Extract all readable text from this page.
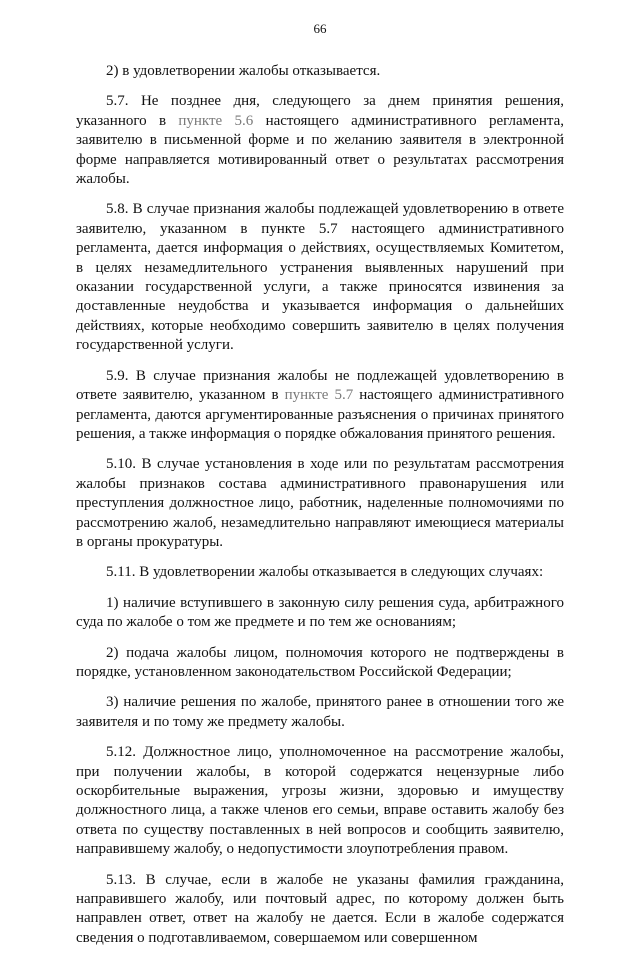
66

2) в удовлетворении жалобы отказывается.

5.7. Не позднее дня, следующего за днем принятия решения, указанного в пункте 5.6 настоящего административного регламента, заявителю в письменной форме и по желанию заявителя в электронной форме направляется мотивированный ответ о результатах рассмотрения жалобы.

5.8. В случае признания жалобы подлежащей удовлетворению в ответе заявителю, указанном в пункте 5.7 настоящего административного регламента, дается информация о действиях, осуществляемых Комитетом, в целях незамедлительного устранения выявленных нарушений при оказании государственной услуги, а также приносятся извинения за доставленные неудобства и указывается информация о дальнейших действиях, которые необходимо совершить заявителю в целях получения государственной услуги.

5.9. В случае признания жалобы не подлежащей удовлетворению в ответе заявителю, указанном в пункте 5.7 настоящего административного регламента, даются аргументированные разъяснения о причинах принятого решения, а также информация о порядке обжалования принятого решения.

5.10. В случае установления в ходе или по результатам рассмотрения жалобы признаков состава административного правонарушения или преступления должностное лицо, работник, наделенные полномочиями по рассмотрению жалоб, незамедлительно направляют имеющиеся материалы в органы прокуратуры.

5.11. В удовлетворении жалобы отказывается в следующих случаях:

1) наличие вступившего в законную силу решения суда, арбитражного суда по жалобе о том же предмете и по тем же основаниям;

2) подача жалобы лицом, полномочия которого не подтверждены в порядке, установленном законодательством Российской Федерации;

3) наличие решения по жалобе, принятого ранее в отношении того же заявителя и по тому же предмету жалобы.

5.12. Должностное лицо, уполномоченное на рассмотрение жалобы, при получении жалобы, в которой содержатся нецензурные либо оскорбительные выражения, угрозы жизни, здоровью и имуществу должностного лица, а также членов его семьи, вправе оставить жалобу без ответа по существу поставленных в ней вопросов и сообщить заявителю, направившему жалобу, о недопустимости злоупотребления правом.

5.13. В случае, если в жалобе не указаны фамилия гражданина, направившего жалобу, или почтовый адрес, по которому должен быть направлен ответ, ответ на жалобу не дается. Если в жалобе содержатся сведения о подготавливаемом, совершаемом или совершенном
